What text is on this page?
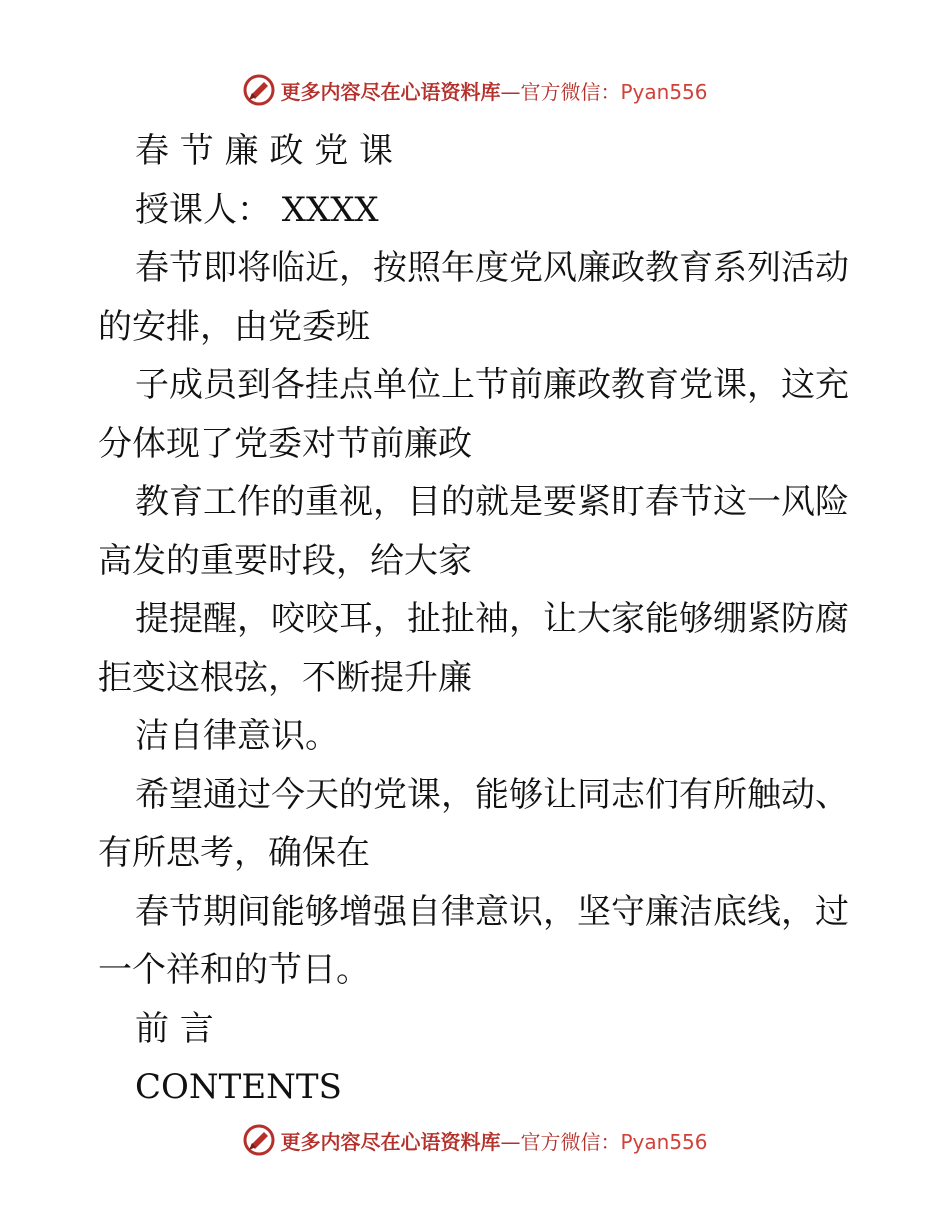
更多内容尽在心语资料库—官方微信：Pyan556
春 节 廉 政 党 课
授课人： XXXX
春节即将临近，按照年度党风廉政教育系列活动
的安排，由党委班
子成员到各挂点单位上节前廉政教育党课，这充
分体现了党委对节前廉政
教育工作的重视，目的就是要紧盯春节这一风险
高发的重要时段，给大家
提提醒，咬咬耳，扯扯袖，让大家能够绷紧防腐
拒变这根弦，不断提升廉
洁自律意识。
希望通过今天的党课，能够让同志们有所触动、
有所思考，确保在
春节期间能够增强自律意识，坚守廉洁底线，过
一个祥和的节日。
前 言
CONTENTS
更多内容尽在心语资料库—官方微信：Pyan556
